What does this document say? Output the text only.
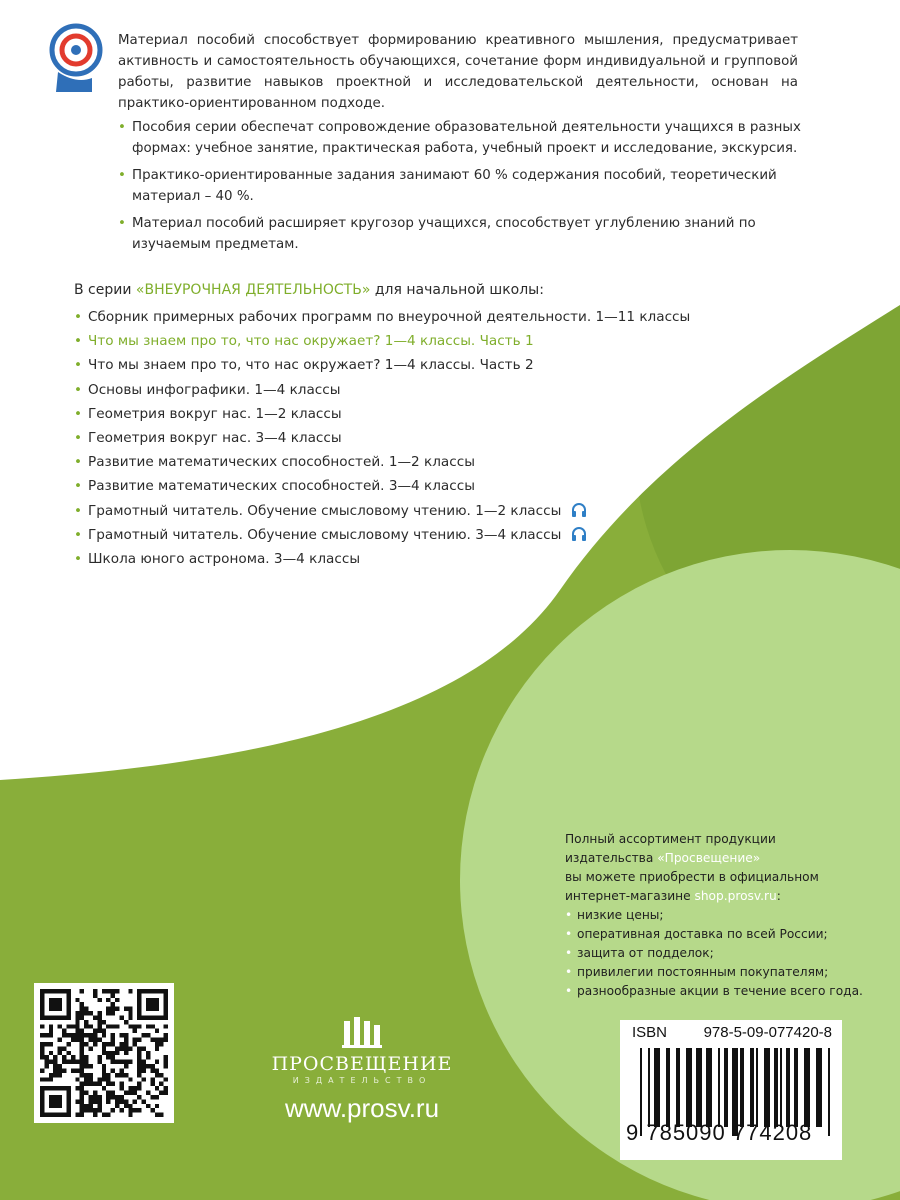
Материал пособий способствует формированию креативного мышления, предусматривает активность и самостоятельность обучающихся, сочетание форм индивидуальной и групповой работы, развитие навыков проектной и исследовательской деятельности, основан на практико-ориентированном подходе.

• Пособия серии обеспечат сопровождение образовательной деятельности учащихся в разных формах: учебное занятие, практическая работа, учебный проект и исследование, экскурсия.

• Практико-ориентированные задания занимают 60 % содержания пособий, теоретический материал – 40 %.

• Материал пособий расширяет кругозор учащихся, способствует углублению знаний по изучаемым предметам.

В серии «ВНЕУРОЧНАЯ ДЕЯТЕЛЬНОСТЬ» для начальной школы:
• Сборник примерных рабочих программ по внеурочной деятельности. 1—11 классы
• Что мы знаем про то, что нас окружает? 1—4 классы. Часть 1
• Что мы знаем про то, что нас окружает? 1—4 классы. Часть 2
• Основы инфографики. 1—4 классы
• Геометрия вокруг нас. 1—2 классы
• Геометрия вокруг нас. 3—4 классы
• Развитие математических способностей. 1—2 классы
• Развитие математических способностей. 3—4 классы
• Грамотный читатель. Обучение смысловому чтению. 1—2 классы
• Грамотный читатель. Обучение смысловому чтению. 3—4 классы
• Школа юного астронома. 3—4 классы
Полный ассортимент продукции
издательства «Просвещение»
вы можете приобрести в официальном
интернет-магазине shop.prosv.ru:
• низкие цены;
• оперативная доставка по всей России;
• защита от подделок;
• привилегии постоянным покупателям;
• разнообразные акции в течение всего года.
ПРОСВЕЩЕНИЕ
ИЗДАТЕЛЬСТВО
www.prosv.ru
ISBN 978-5-09-077420-8
9 785090 774208
